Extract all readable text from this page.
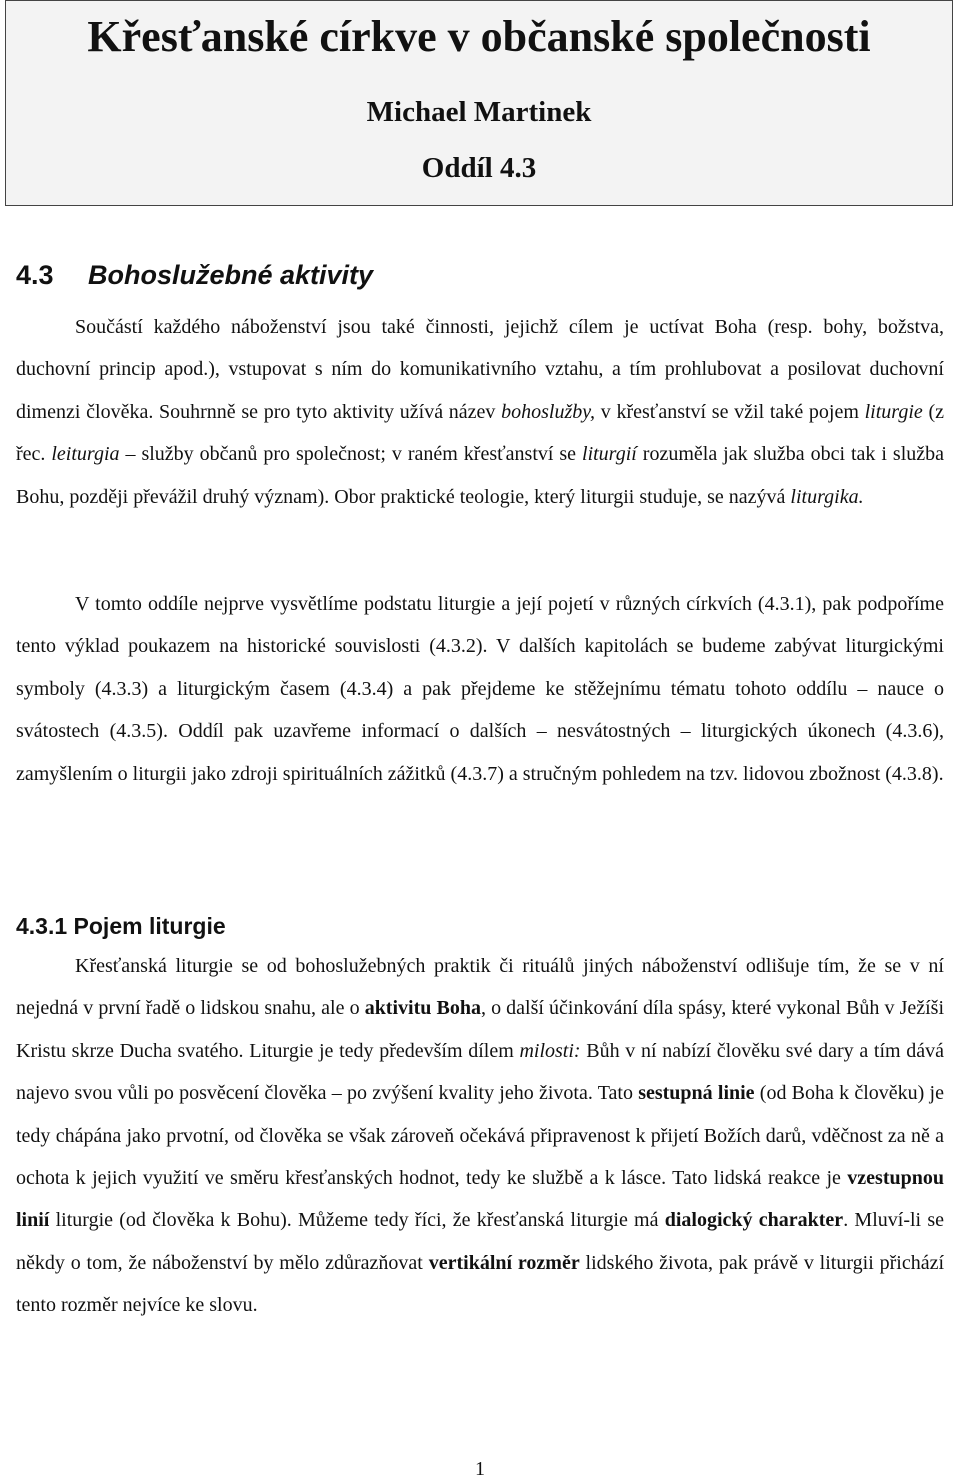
Křesťanské církve v občanské společnosti
Michael Martinek
Oddíl 4.3
4.3 Bohoslužebné aktivity

Součástí každého náboženství jsou také činnosti, jejichž cílem je uctívat Boha (resp. bohy, božstva, duchovní princip apod.), vstupovat s ním do komunikativního vztahu, a tím prohlubovat a posilovat duchovní dimenzi člověka. Souhrnně se pro tyto aktivity užívá název bohoslužby, v křesťanství se vžil také pojem liturgie (z řec. leiturgia – služby občanů pro společnost; v raném křesťanství se liturgií rozuměla jak služba obci tak i služba Bohu, později převážil druhý význam). Obor praktické teologie, který liturgii studuje, se nazývá liturgika.

V tomto oddíle nejprve vysvětlíme podstatu liturgie a její pojetí v různých církvích (4.3.1), pak podpoříme tento výklad poukazem na historické souvislosti (4.3.2). V dalších kapitolách se budeme zabývat liturgickými symboly (4.3.3) a liturgickým časem (4.3.4) a pak přejdeme ke stěžejnímu tématu tohoto oddílu – nauce o svátostech (4.3.5). Oddíl pak uzavřeme informací o dalších – nesvátostných – liturgických úkonech (4.3.6), zamyšlením o liturgii jako zdroji spirituálních zážitků (4.3.7) a stručným pohledem na tzv. lidovou zbožnost (4.3.8).

4.3.1 Pojem liturgie

Křesťanská liturgie se od bohoslužebných praktik či rituálů jiných náboženství odlišuje tím, že se v ní nejedná v první řadě o lidskou snahu, ale o aktivitu Boha, o další účinkování díla spásy, které vykonal Bůh v Ježíši Kristu skrze Ducha svatého. Liturgie je tedy především dílem milosti: Bůh v ní nabízí člověku své dary a tím dává najevo svou vůli po posvěcení člověka – po zvýšení kvality jeho života. Tato sestupná linie (od Boha k člověku) je tedy chápána jako prvotní, od člověka se však zároveň očekává připravenost k přijetí Božích darů, vděčnost za ně a ochota k jejich využití ve směru křesťanských hodnot, tedy ke službě a k lásce. Tato lidská reakce je vzestupnou linií liturgie (od člověka k Bohu). Můžeme tedy říci, že křesťanská liturgie má dialogický charakter. Mluví-li se někdy o tom, že náboženství by mělo zdůrazňovat vertikální rozměr lidského života, pak právě v liturgii přichází tento rozměr nejvíce ke slovu.

1
